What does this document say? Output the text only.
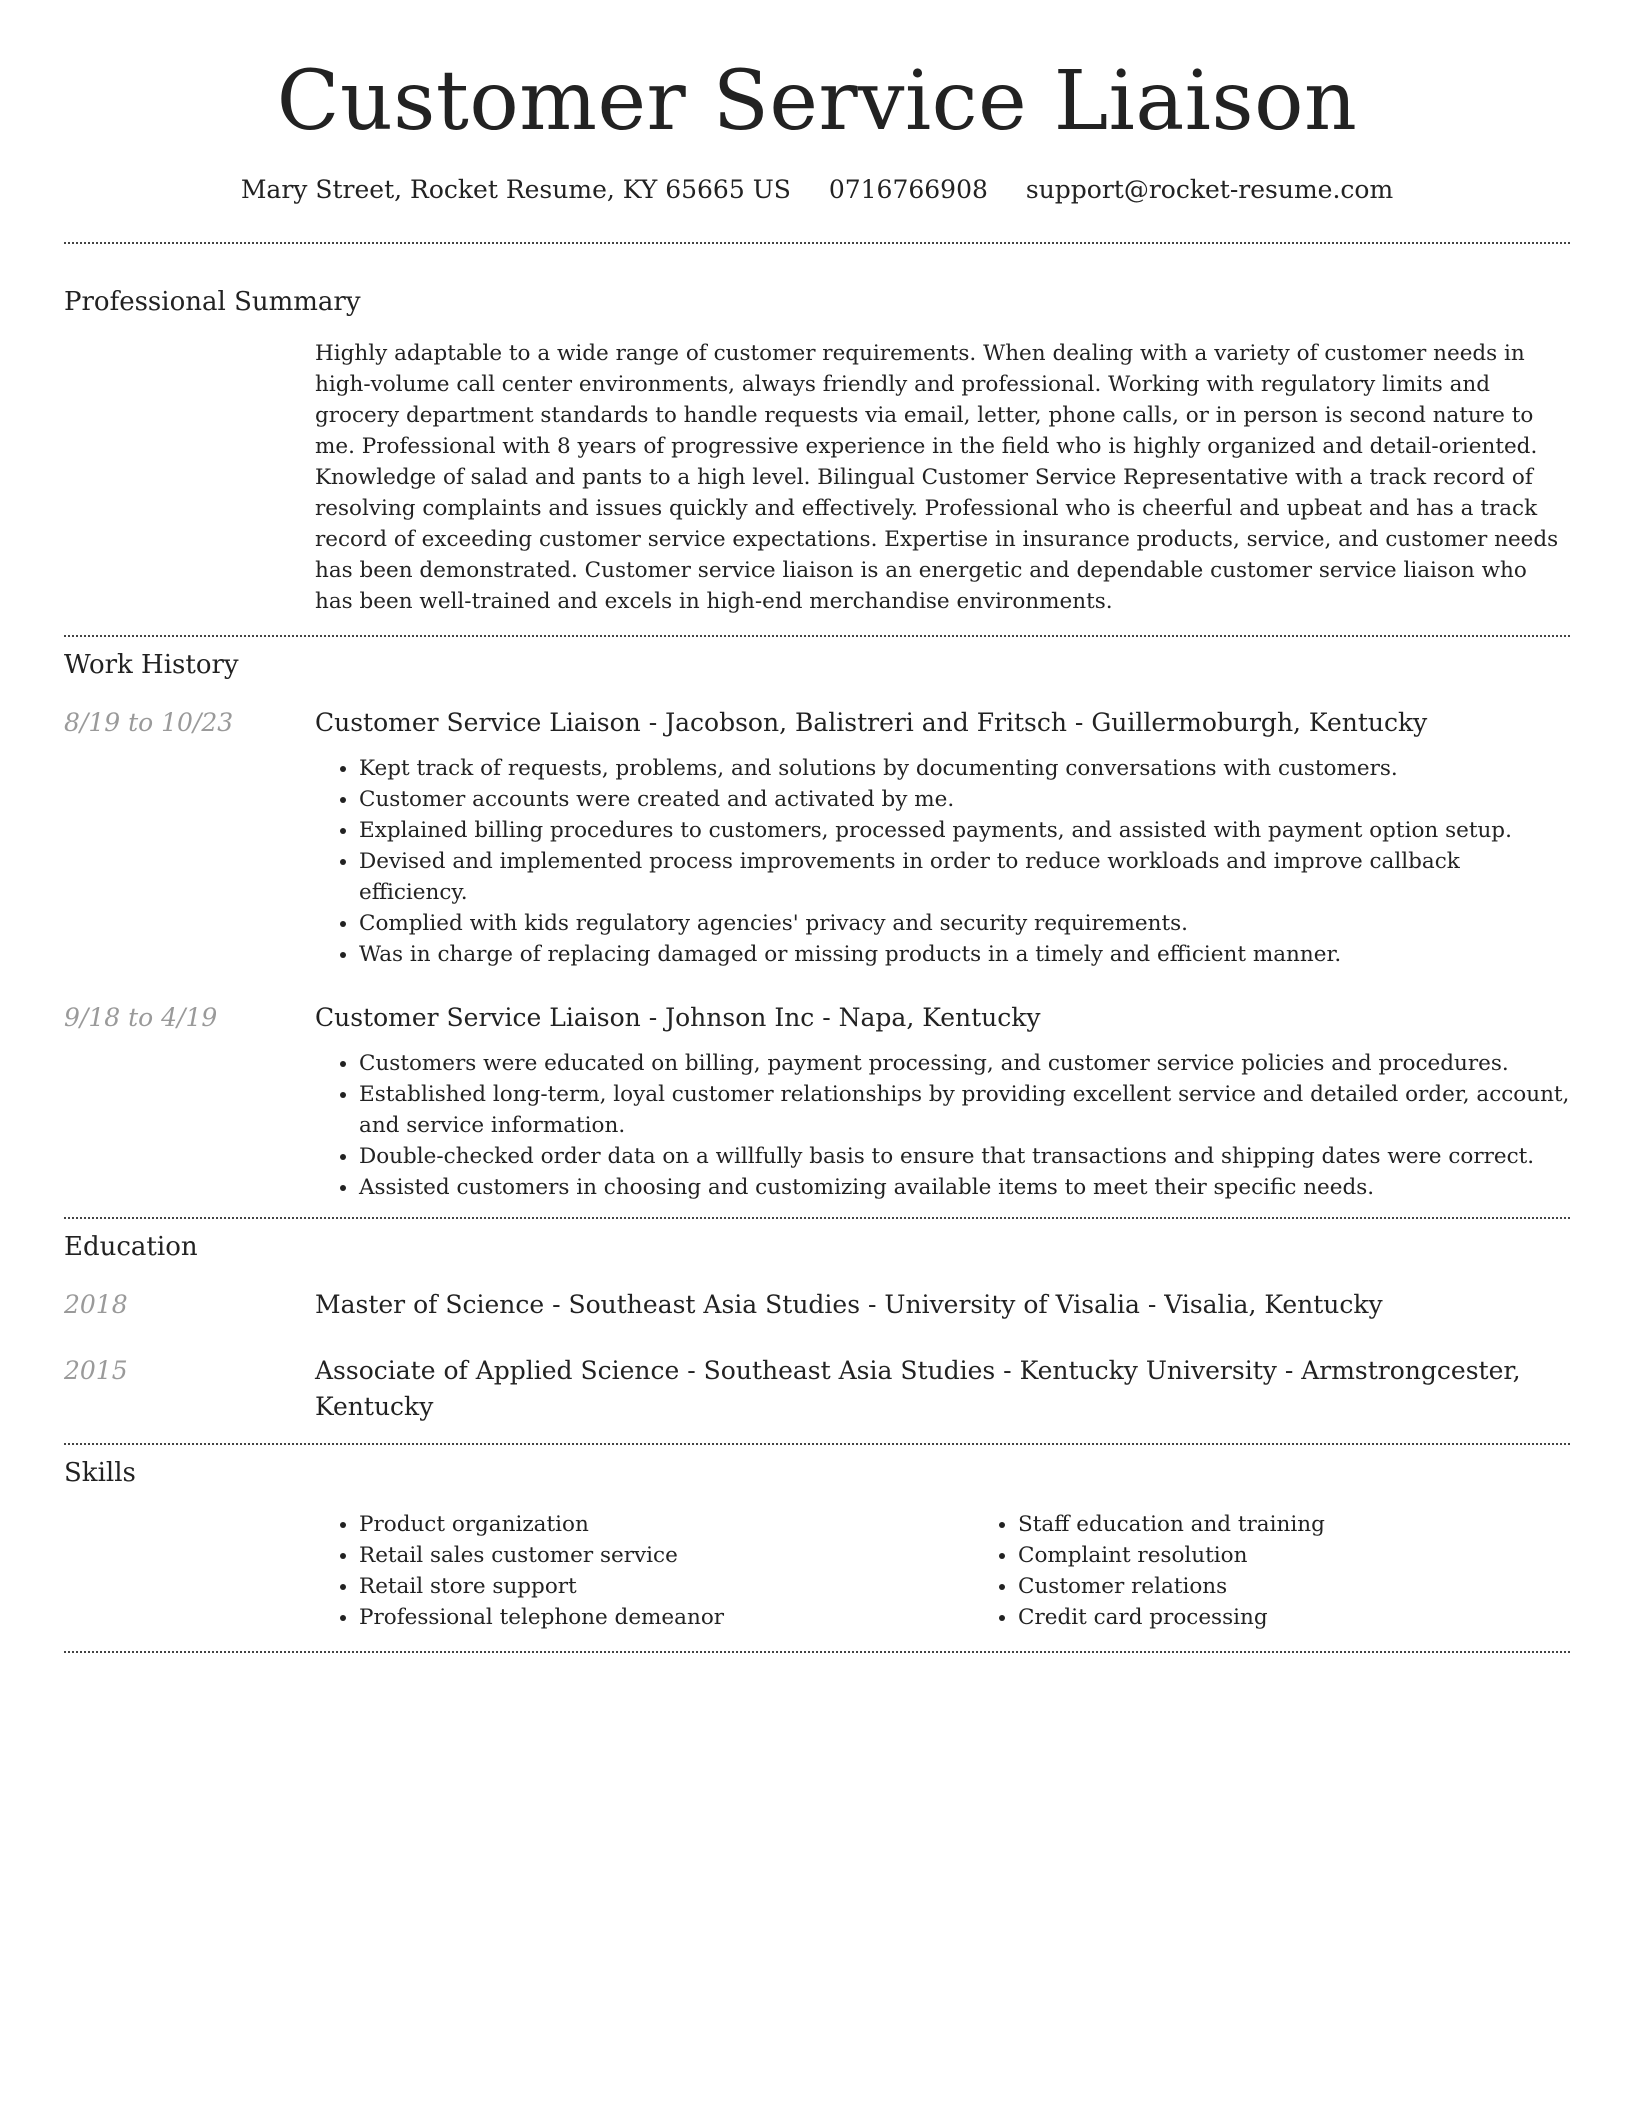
Customer Service Liaison
Mary Street, Rocket Resume, KY 65665 US 0716766908 support@rocket-resume.com
Professional Summary
Highly adaptable to a wide range of customer requirements. When dealing with a variety of customer needs in high-volume call center environments, always friendly and professional. Working with regulatory limits and grocery department standards to handle requests via email, letter, phone calls, or in person is second nature to me. Professional with 8 years of progressive experience in the field who is highly organized and detail-oriented. Knowledge of salad and pants to a high level. Bilingual Customer Service Representative with a track record of resolving complaints and issues quickly and effectively. Professional who is cheerful and upbeat and has a track record of exceeding customer service expectations. Expertise in insurance products, service, and customer needs has been demonstrated. Customer service liaison is an energetic and dependable customer service liaison who has been well-trained and excels in high-end merchandise environments.
Work History
8/19 to 10/23	Customer Service Liaison - Jacobson, Balistreri and Fritsch - Guillermoburgh, Kentucky
• Kept track of requests, problems, and solutions by documenting conversations with customers.
• Customer accounts were created and activated by me.
• Explained billing procedures to customers, processed payments, and assisted with payment option setup.
• Devised and implemented process improvements in order to reduce workloads and improve callback efficiency.
• Complied with kids regulatory agencies' privacy and security requirements.
• Was in charge of replacing damaged or missing products in a timely and efficient manner.
9/18 to 4/19	Customer Service Liaison - Johnson Inc - Napa, Kentucky
• Customers were educated on billing, payment processing, and customer service policies and procedures.
• Established long-term, loyal customer relationships by providing excellent service and detailed order, account, and service information.
• Double-checked order data on a willfully basis to ensure that transactions and shipping dates were correct.
• Assisted customers in choosing and customizing available items to meet their specific needs.
Education
2018	Master of Science - Southeast Asia Studies - University of Visalia - Visalia, Kentucky
2015	Associate of Applied Science - Southeast Asia Studies - Kentucky University - Armstrongcester, Kentucky
Skills
• Product organization
• Retail sales customer service
• Retail store support
• Professional telephone demeanor
• Staff education and training
• Complaint resolution
• Customer relations
• Credit card processing
